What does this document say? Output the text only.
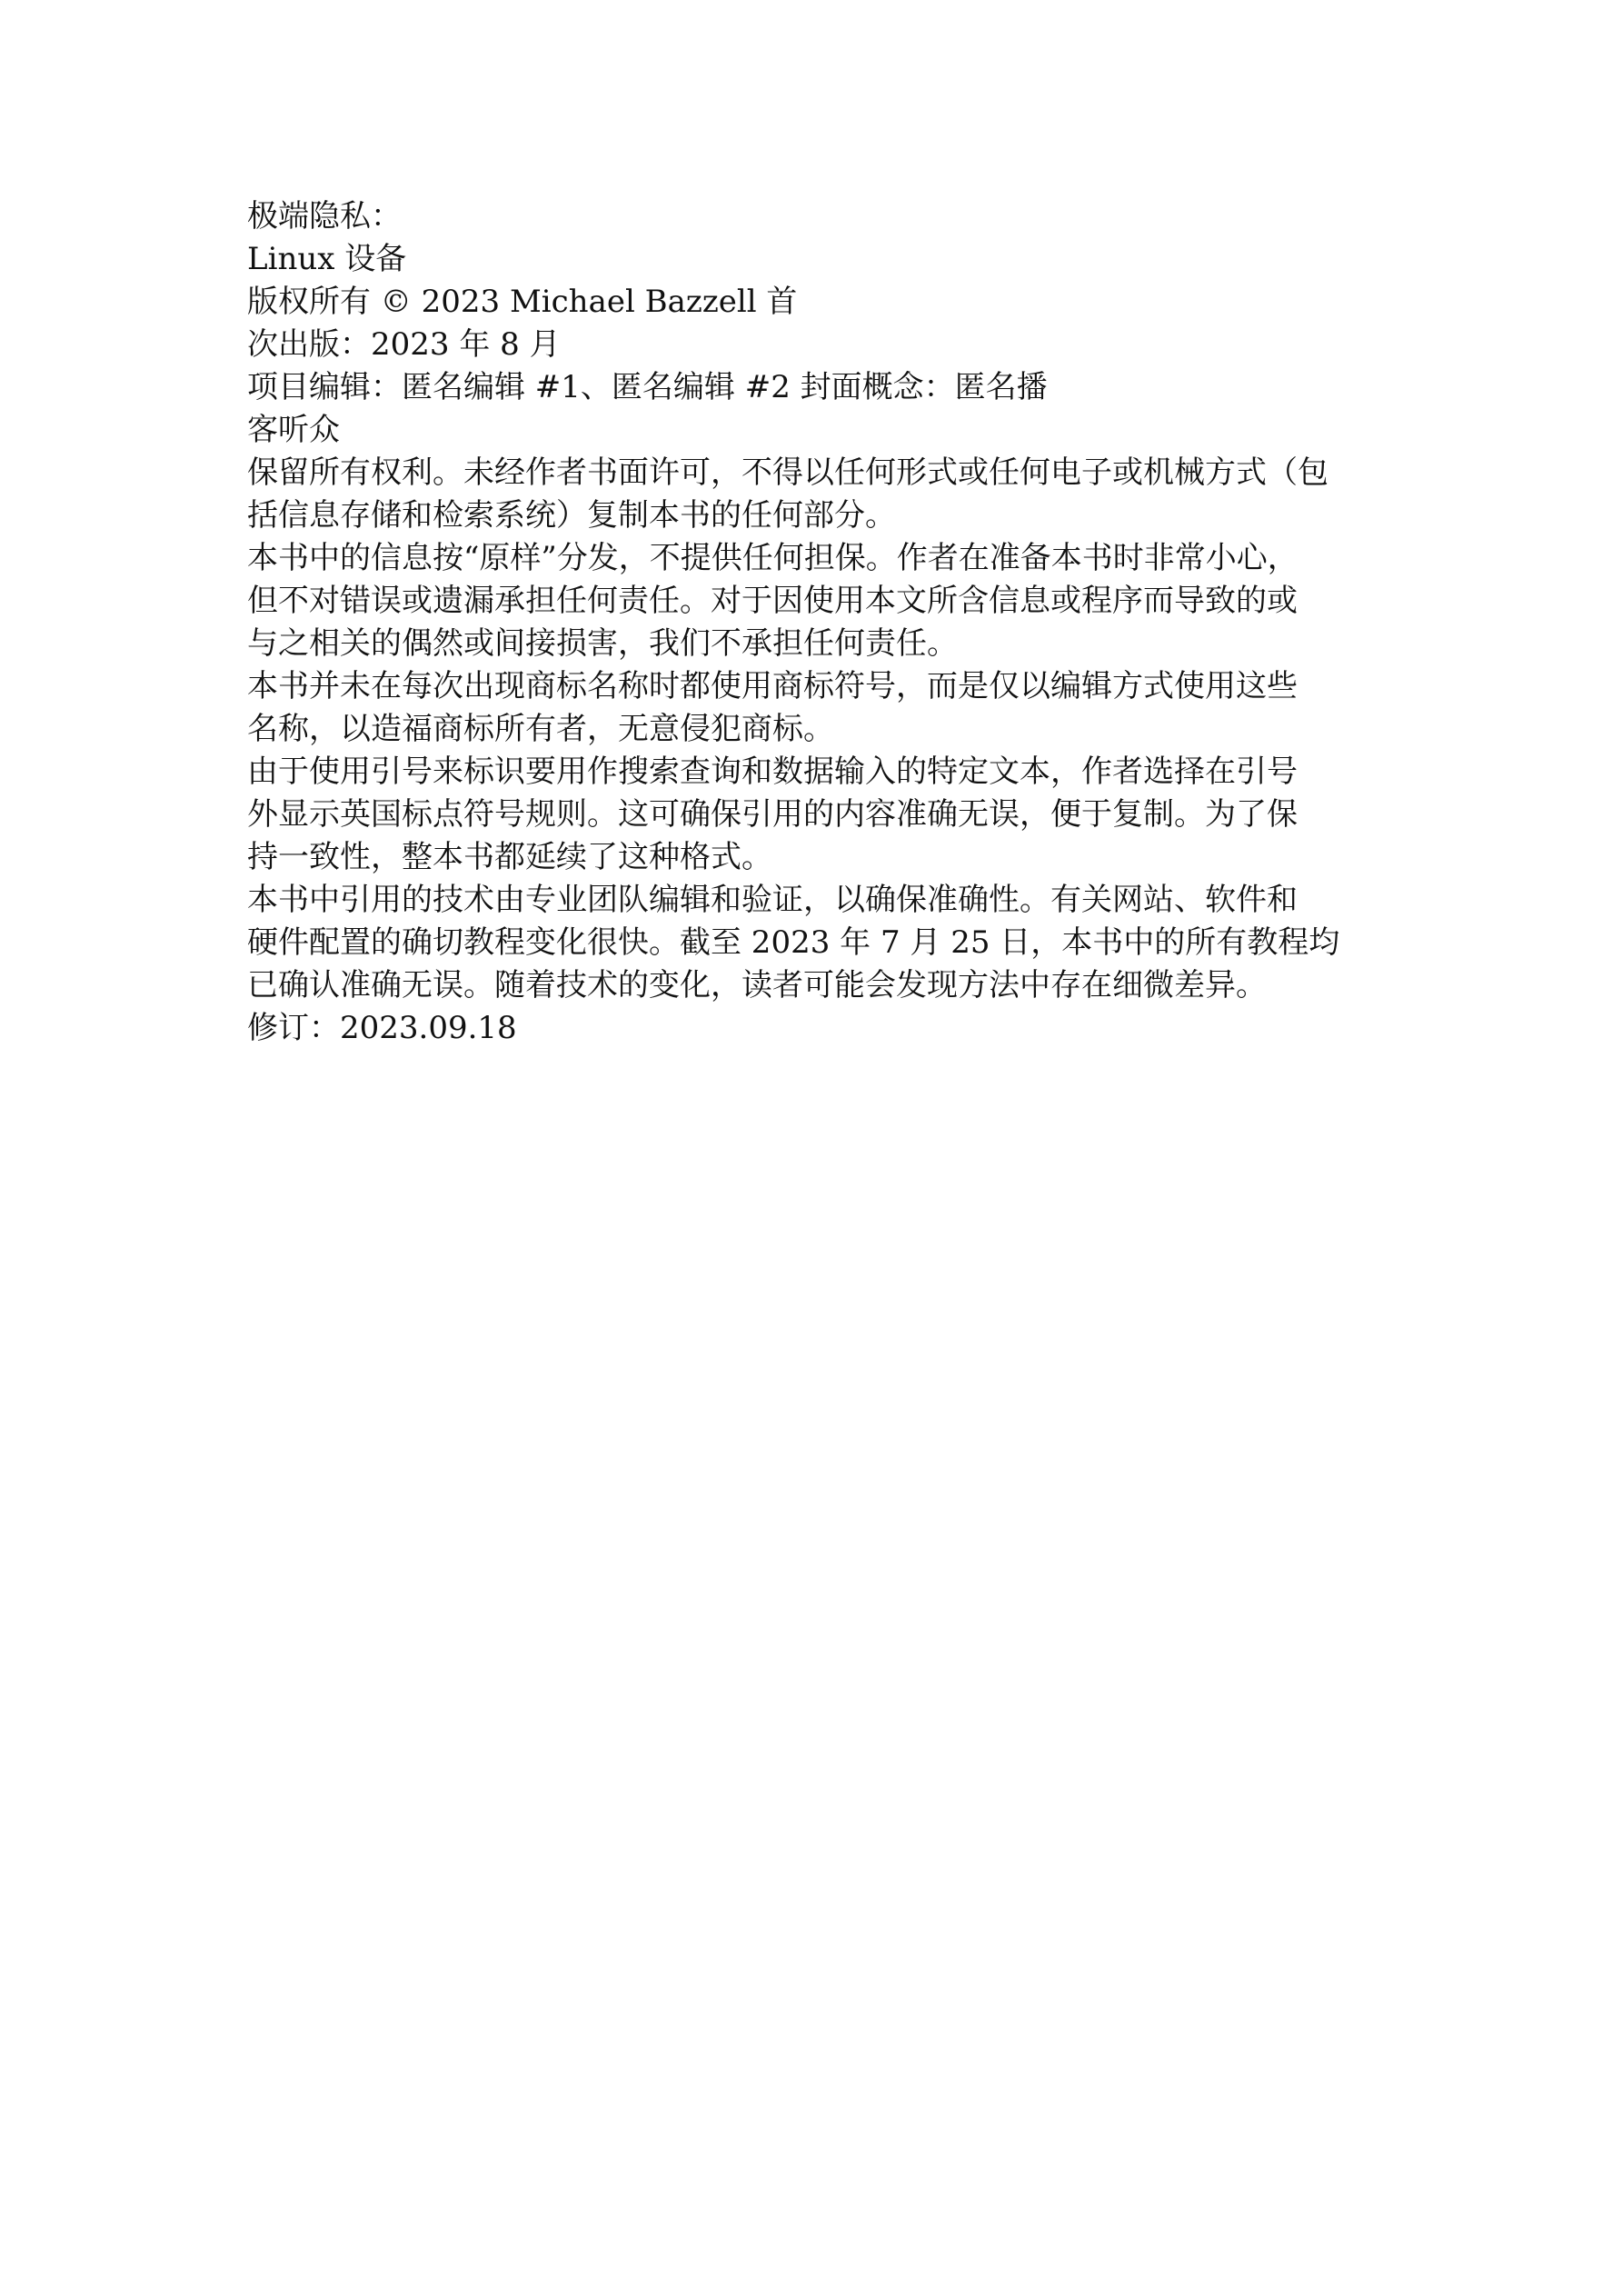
极端隐私：
Linux 设备
版权所有 © 2023 Michael Bazzell 首
次出版：2023 年 8 月
项目编辑：匿名编辑 #1、匿名编辑 #2 封面概念：匿名播
客听众
保留所有权利。未经作者书面许可，不得以任何形式或任何电子或机械方式（包
括信息存储和检索系统）复制本书的任何部分。
本书中的信息按“原样”分发，不提供任何担保。作者在准备本书时非常小心，
但不对错误或遗漏承担任何责任。对于因使用本文所含信息或程序而导致的或
与之相关的偶然或间接损害，我们不承担任何责任。
本书并未在每次出现商标名称时都使用商标符号，而是仅以编辑方式使用这些
名称，以造福商标所有者，无意侵犯商标。
由于使用引号来标识要用作搜索查询和数据输入的特定文本，作者选择在引号
外显示英国标点符号规则。这可确保引用的内容准确无误，便于复制。为了保
持一致性，整本书都延续了这种格式。
本书中引用的技术由专业团队编辑和验证，以确保准确性。有关网站、软件和
硬件配置的确切教程变化很快。截至 2023 年 7 月 25 日，本书中的所有教程均
已确认准确无误。随着技术的变化，读者可能会发现方法中存在细微差异。
修订：2023.09.18
